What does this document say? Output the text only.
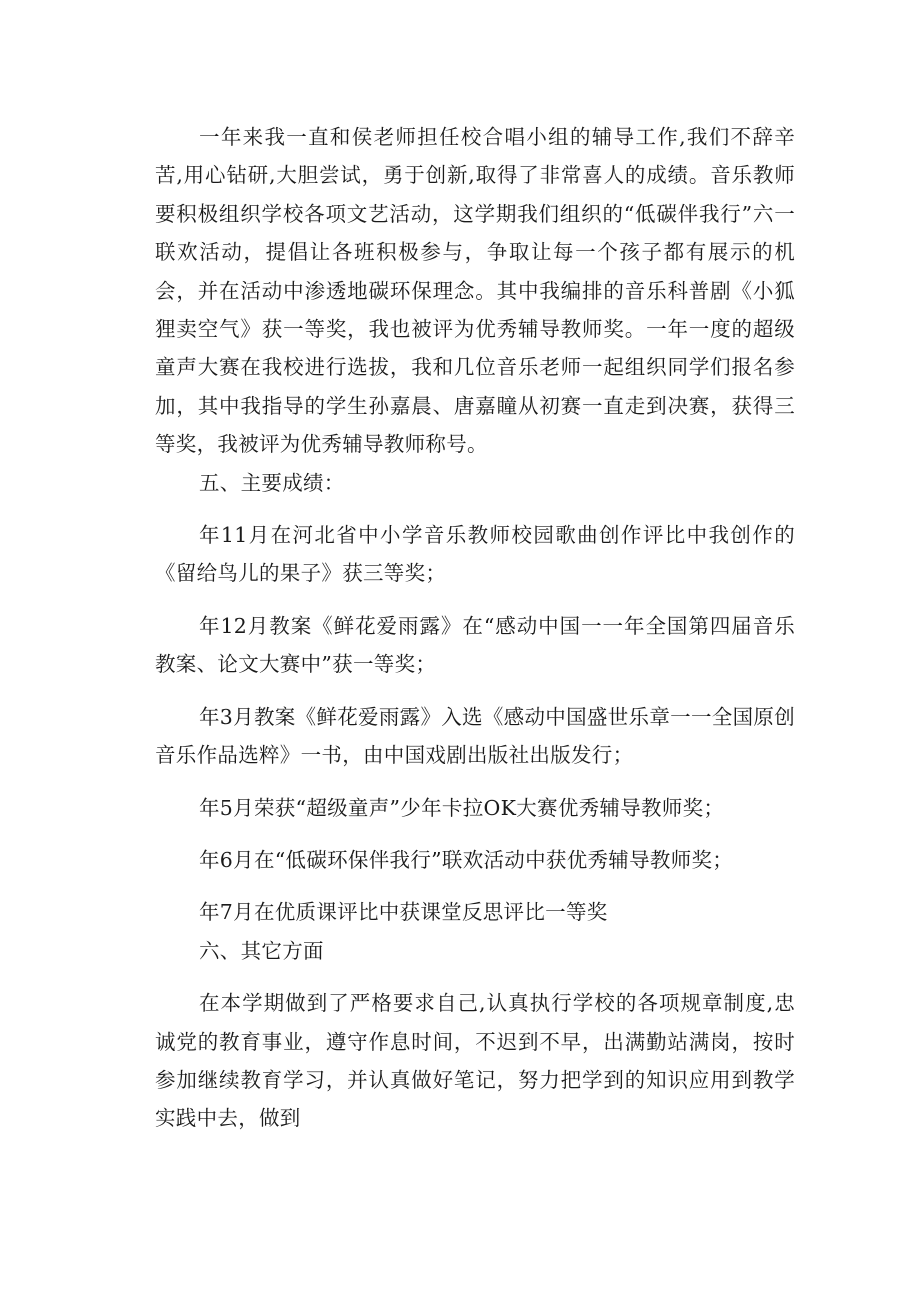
一年来我一直和侯老师担任校合唱小组的辅导工作,我们不辞辛苦,用心钻研,大胆尝试，勇于创新,取得了非常喜人的成绩。音乐教师要积极组织学校各项文艺活动，这学期我们组织的“低碳伴我行”六一联欢活动，提倡让各班积极参与，争取让每一个孩子都有展示的机会，并在活动中渗透地碳环保理念。其中我编排的音乐科普剧《小狐狸卖空气》获一等奖，我也被评为优秀辅导教师奖。一年一度的超级童声大赛在我校进行选拔，我和几位音乐老师一起组织同学们报名参加，其中我指导的学生孙嘉晨、唐嘉瞳从初赛一直走到决赛，获得三等奖，我被评为优秀辅导教师称号。

五、主要成绩：

年11月在河北省中小学音乐教师校园歌曲创作评比中我创作的《留给鸟儿的果子》获三等奖；

年12月教案《鲜花爱雨露》在“感动中国一一年全国第四届音乐教案、论文大赛中”获一等奖；

年3月教案《鲜花爱雨露》入选《感动中国盛世乐章一一全国原创音乐作品选粹》一书，由中国戏剧出版社出版发行；

年5月荣获“超级童声”少年卡拉OK大赛优秀辅导教师奖；

年6月在“低碳环保伴我行”联欢活动中获优秀辅导教师奖；

年7月在优质课评比中获课堂反思评比一等奖

六、其它方面

在本学期做到了严格要求自己,认真执行学校的各项规章制度,忠诚党的教育事业，遵守作息时间，不迟到不早，出满勤站满岗，按时参加继续教育学习，并认真做好笔记，努力把学到的知识应用到教学实践中去，做到
